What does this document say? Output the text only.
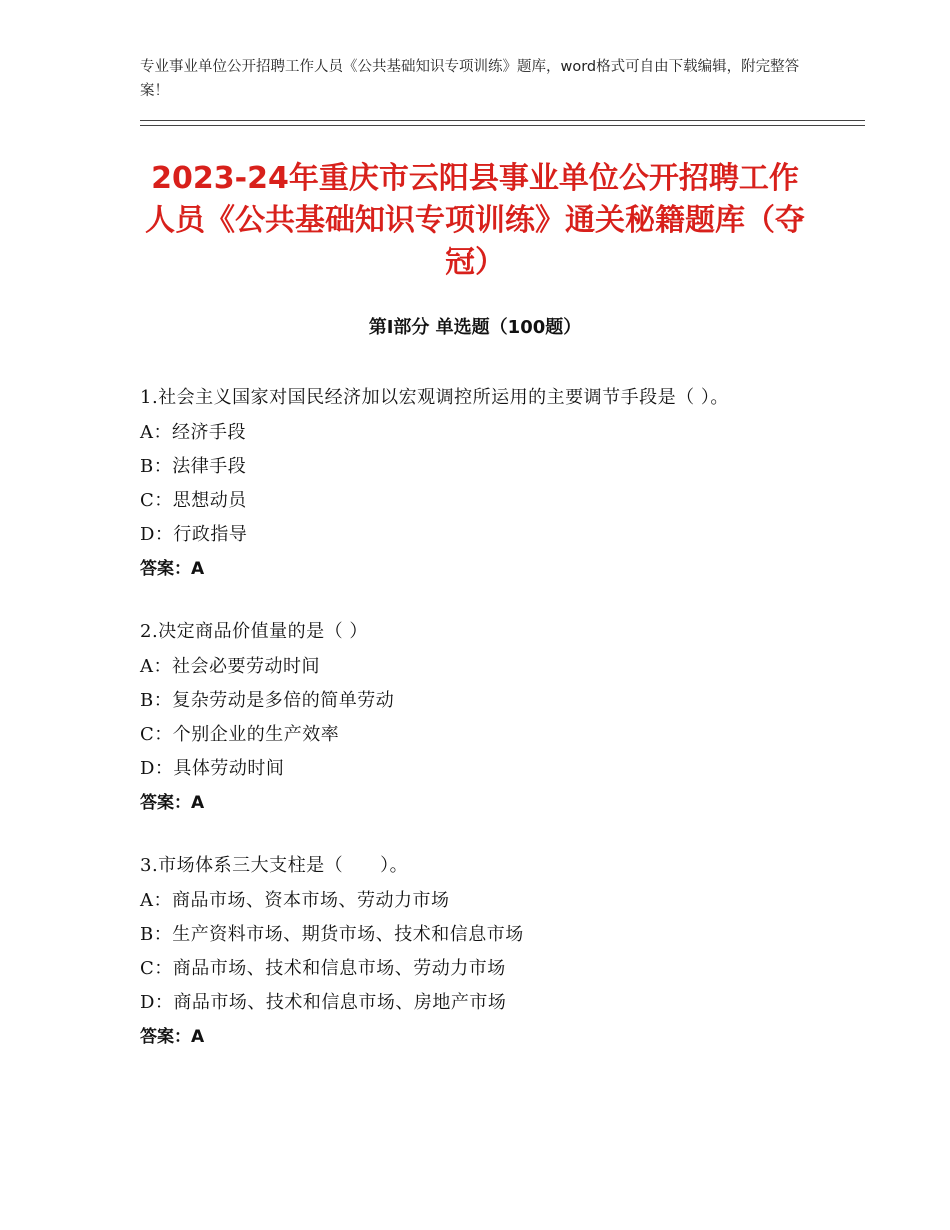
专业事业单位公开招聘工作人员《公共基础知识专项训练》题库，word格式可自由下载编辑，附完整答案！
2023-24年重庆市云阳县事业单位公开招聘工作人员《公共基础知识专项训练》通关秘籍题库（夺冠）
第I部分 单选题（100题）

1.社会主义国家对国民经济加以宏观调控所运用的主要调节手段是（ ）。

A：经济手段

B：法律手段

C：思想动员

D：行政指导

答案：A

2.决定商品价值量的是（ ）

A：社会必要劳动时间

B：复杂劳动是多倍的简单劳动

C：个别企业的生产效率

D：具体劳动时间

答案：A

3.市场体系三大支柱是（　　）。

A：商品市场、资本市场、劳动力市场

B：生产资料市场、期货市场、技术和信息市场

C：商品市场、技术和信息市场、劳动力市场

D：商品市场、技术和信息市场、房地产市场

答案：A
